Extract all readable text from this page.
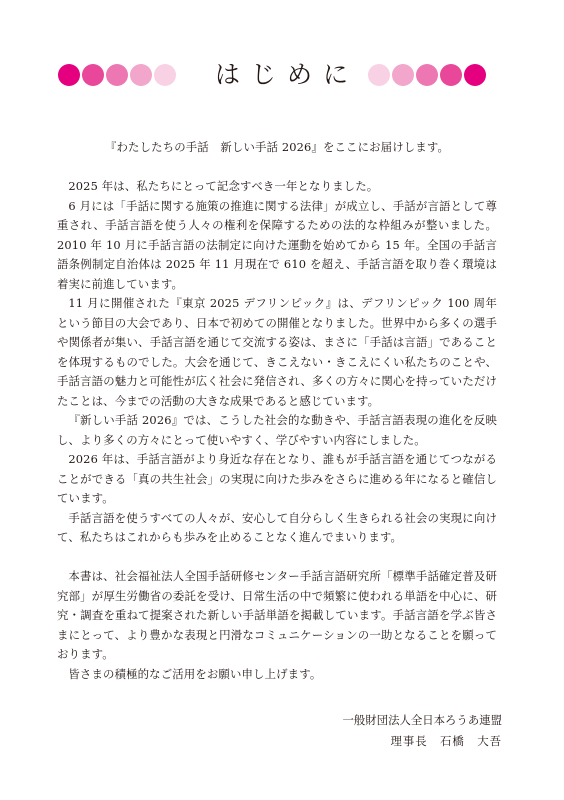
はじめに

『わたしたちの手話　新しい手話 2026』をここにお届けします。

2025 年は、私たちにとって記念すべき一年となりました。

6 月には「手話に関する施策の推進に関する法律」が成立し、手話が言語として尊重され、手話言語を使う人々の権利を保障するための法的な枠組みが整いました。2010 年 10 月に手話言語の法制定に向けた運動を始めてから 15 年。全国の手話言語条例制定自治体は 2025 年 11 月現在で 610 を超え、手話言語を取り巻く環境は着実に前進しています。

11 月に開催された『東京 2025 デフリンピック』は、デフリンピック 100 周年という節目の大会であり、日本で初めての開催となりました。世界中から多くの選手や関係者が集い、手話言語を通じて交流する姿は、まさに「手話は言語」であることを体現するものでした。大会を通じて、きこえない・きこえにくい私たちのことや、手話言語の魅力と可能性が広く社会に発信され、多くの方々に関心を持っていただけたことは、今までの活動の大きな成果であると感じています。

『新しい手話 2026』では、こうした社会的な動きや、手話言語表現の進化を反映し、より多くの方々にとって使いやすく、学びやすい内容にしました。

2026 年は、手話言語がより身近な存在となり、誰もが手話言語を通じてつながることができる「真の共生社会」の実現に向けた歩みをさらに進める年になると確信しています。

手話言語を使うすべての人々が、安心して自分らしく生きられる社会の実現に向けて、私たちはこれからも歩みを止めることなく進んでまいります。

本書は、社会福祉法人全国手話研修センター手話言語研究所「標準手話確定普及研究部」が厚生労働省の委託を受け、日常生活の中で頻繁に使われる単語を中心に、研究・調査を重ねて提案された新しい手話単語を掲載しています。手話言語を学ぶ皆さまにとって、より豊かな表現と円滑なコミュニケーションの一助となることを願っております。

皆さまの積極的なご活用をお願い申し上げます。

一般財団法人全日本ろうあ連盟
理事長　石橋　大吾
